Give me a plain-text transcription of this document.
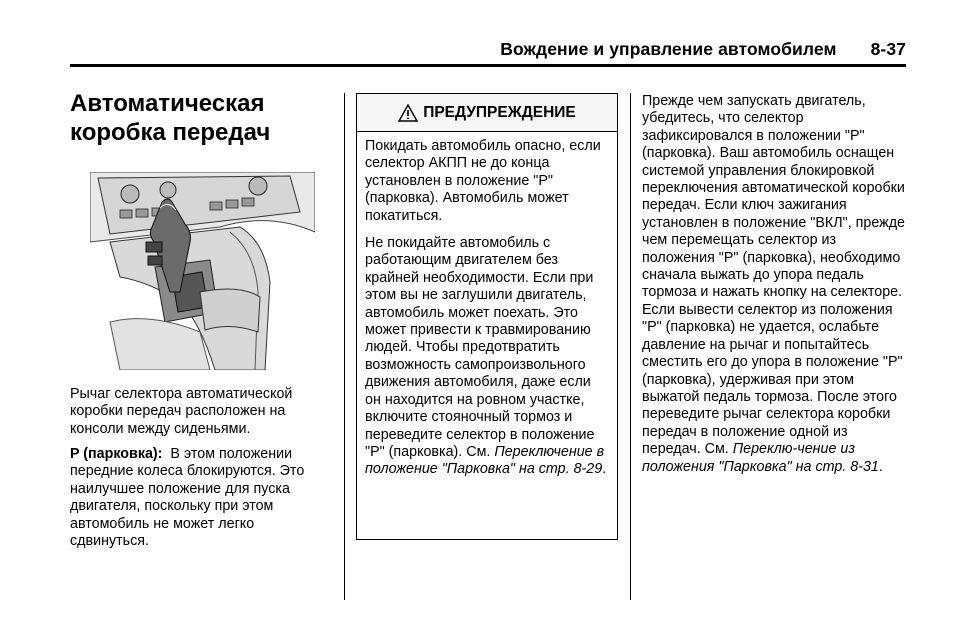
Вождение и управление автомобилем 8-37
Автоматическая коробка передач
Рычаг селектора автоматической коробки передач расположен на консоли между сиденьями.
P (парковка): В этом положении передние колеса блокируются. Это наилучшее положение для пуска двигателя, поскольку при этом автомобиль не может легко сдвинуться.
ПРЕДУПРЕЖДЕНИЕ

Покидать автомобиль опасно, если селектор АКПП не до конца установлен в положение "P" (парковка). Автомобиль может покатиться.

Не покидайте автомобиль с работающим двигателем без крайней необходимости. Если при этом вы не заглушили двигатель, автомобиль может поехать. Это может привести к травмированию людей. Чтобы предотвратить возможность самопроизвольного движения автомобиля, даже если он находится на ровном участке, включите стояночный тормоз и переведите селектор в положение "P" (парковка). См. Переключение в положение "Парковка" на стр. 8-29.

Прежде чем запускать двигатель, убедитесь, что селектор зафиксировался в положении "P" (парковка). Ваш автомобиль оснащен системой управления блокировкой переключения автоматической коробки передач. Если ключ зажигания установлен в положение "ВКЛ", прежде чем перемещать селектор из положения "P" (парковка), необходимо сначала выжать до упора педаль тормоза и нажать кнопку на селекторе. Если вывести селектор из положения "P" (парковка) не удается, ослабьте давление на рычаг и попытайтесь сместить его до упора в положение "P" (парковка), удерживая при этом выжатой педаль тормоза. После этого переведите рычаг селектора коробки передач в положение одной из передач. См. Переклю-чение из положения "Парковка" на стр. 8-31.
